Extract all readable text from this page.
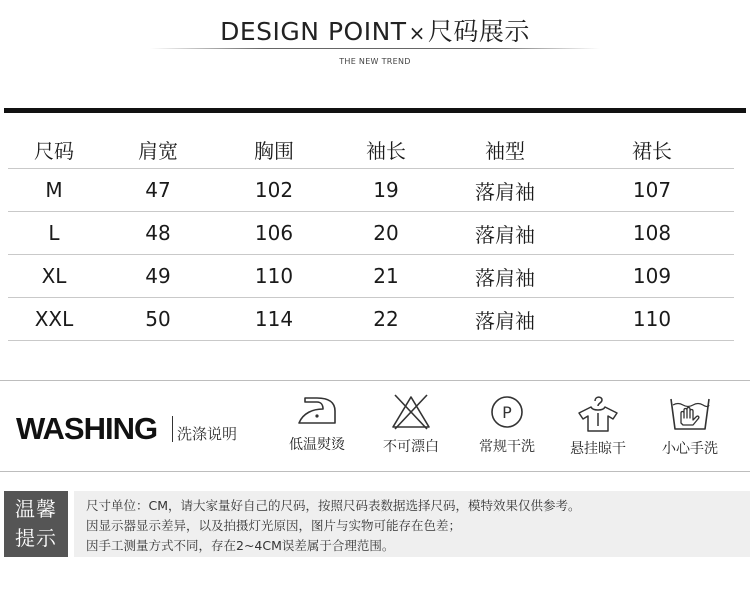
DESIGN POINT ×尺码展示
THE NEW TREND
尺码	肩宽	胸围	袖长	袖型	裙长
M	47	102	19	落肩袖	107
L	48	106	20	落肩袖	108
XL	49	110	21	落肩袖	109
XXL	50	114	22	落肩袖	110
WASHING 洗涤说明
低温熨烫	不可漂白
P
常规干洗	悬挂晾干	小心手洗
温馨
提示
尺寸单位：CM，请大家量好自己的尺码，按照尺码表数据选择尺码，模特效果仅供参考。
因显示器显示差异，以及拍摄灯光原因，图片与实物可能存在色差；
因手工测量方式不同，存在2~4CM误差属于合理范围。
